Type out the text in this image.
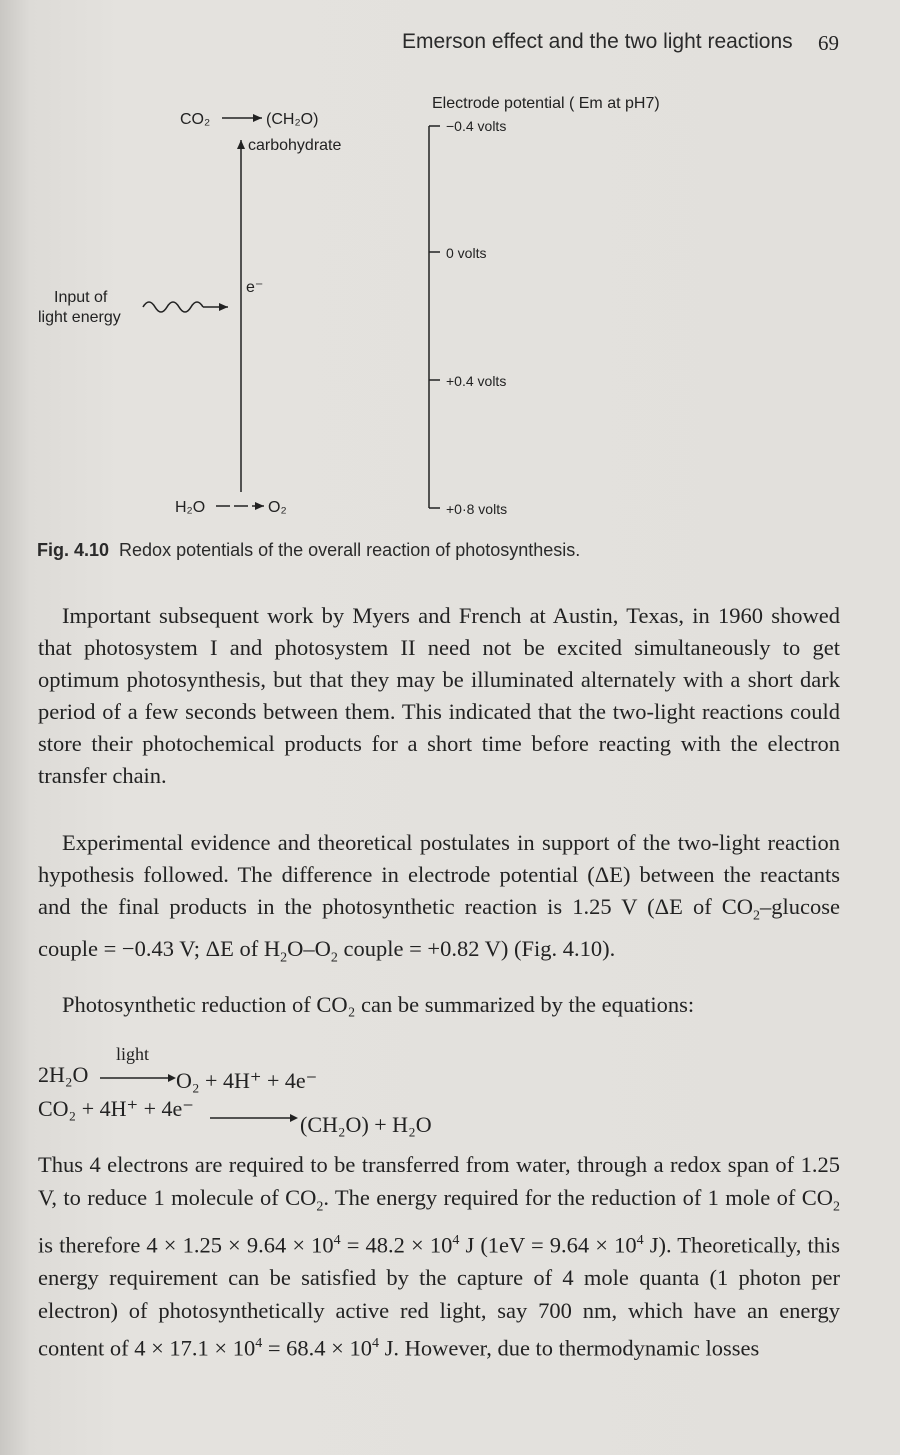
Emerson effect and the two light reactions 69
CO₂	(CH₂O)
carbohydrate
e⁻
Input of
light energy
H₂O	O₂
Electrode potential ( Em at pH7)
−0.4 volts
0 volts
+0.4 volts
+0·8 volts
Fig. 4.10 Redox potentials of the overall reaction of photosynthesis.
Important subsequent work by Myers and French at Austin, Texas, in 1960 showed that photosystem I and photosystem II need not be excited simultaneously to get optimum photosynthesis, but that they may be illuminated alternately with a short dark period of a few seconds between them. This indicated that the two-light reactions could store their photochemical products for a short time before reacting with the electron transfer chain.
Experimental evidence and theoretical postulates in support of the two-light reaction hypothesis followed. The difference in electrode potential (ΔE) between the reactants and the final products in the photosynthetic reaction is 1.25 V (ΔE of $CO_2$–glucose couple = −0.43 V; ΔE of $H_2O-O_2$ couple = +0.82 V) (Fig. 4.10).
Photosynthetic reduction of CO₂ can be summarized by the equations:
2H₂O
light
O₂ + 4H⁺ + 4e⁻
CO₂ + 4H⁺ + 4e⁻
(CH₂O) + H₂O
Thus 4 electrons are required to be transferred from water, through a redox span of 1.25 V, to reduce 1 molecule of $CO_2$. The energy required for the reduction of 1 mole of $CO_2$ is therefore $4 \times 1.25 \times 9.64 \times 10^4 = 48.2 \times 10^4$ J ($1eV = 9.64 \times 10^4$ J). Theoretically, this energy requirement can be satisfied by the capture of 4 mole quanta (1 photon per electron) of photosynthetically active red light, say 700 nm, which have an energy content of $4 \times 17.1 \times 10^4 = 68.4 \times 10^4$ J. However, due to thermodynamic losses
